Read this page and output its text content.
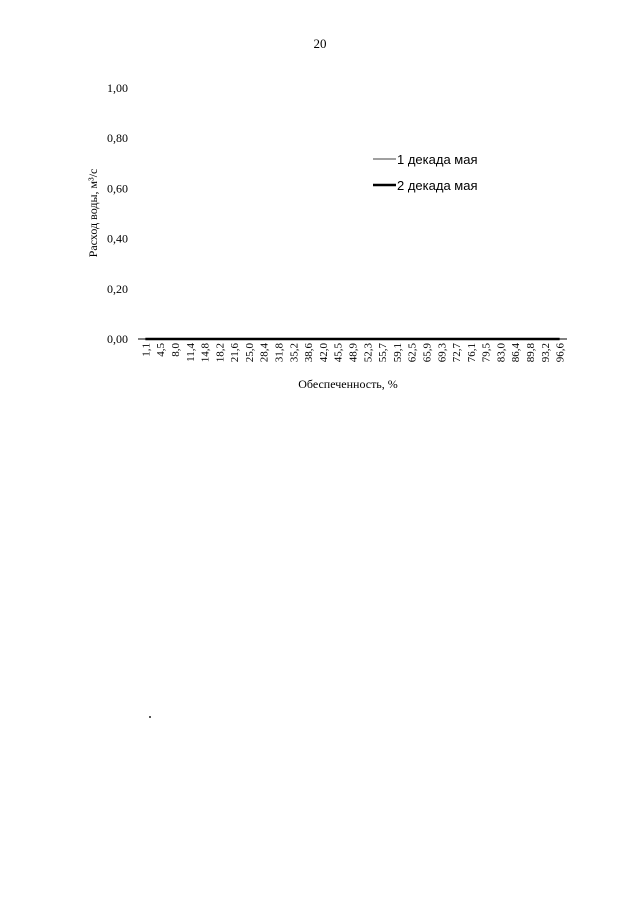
20
0,00
0,20
0,40
0,60
0,80
1,00
1,1 4,5 8,0 11,4 14,8 18,2 21,6 25,0 28,4 31,8 35,2 38,6 42,0 45,5 48,9 52,3 55,7 59,1 62,5 65,9 69,3 72,7 76,1 79,5 83,0 86,4 89,8 93,2 96,6
Расход воды, м³/с
Обеспеченность, %
1 декада мая
2 декада мая
